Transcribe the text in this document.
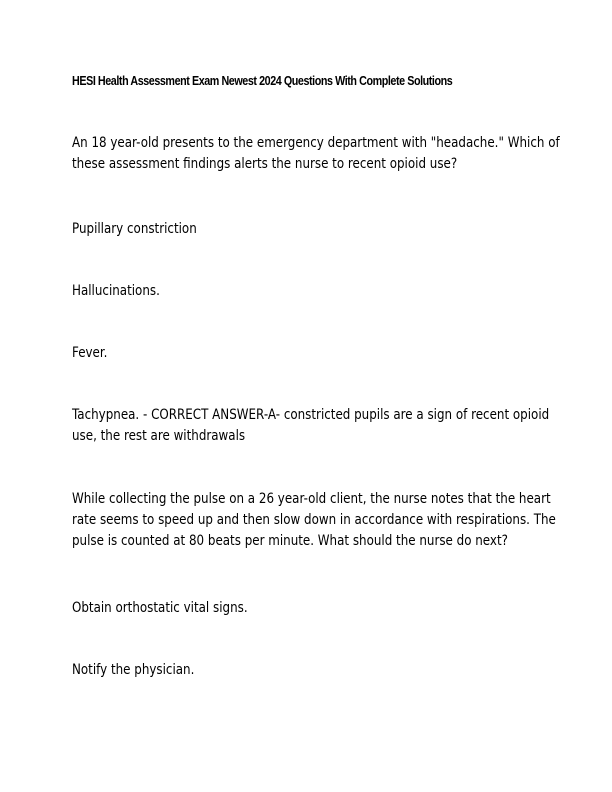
HESI Health Assessment Exam Newest 2024 Questions With Complete Solutions
An 18 year-old presents to the emergency department with "headache." Which of
these assessment findings alerts the nurse to recent opioid use?
Pupillary constriction
Hallucinations.
Fever.
Tachypnea. - CORRECT ANSWER-A- constricted pupils are a sign of recent opioid
use, the rest are withdrawals
While collecting the pulse on a 26 year-old client, the nurse notes that the heart
rate seems to speed up and then slow down in accordance with respirations. The
pulse is counted at 80 beats per minute. What should the nurse do next?
Obtain orthostatic vital signs.
Notify the physician.
